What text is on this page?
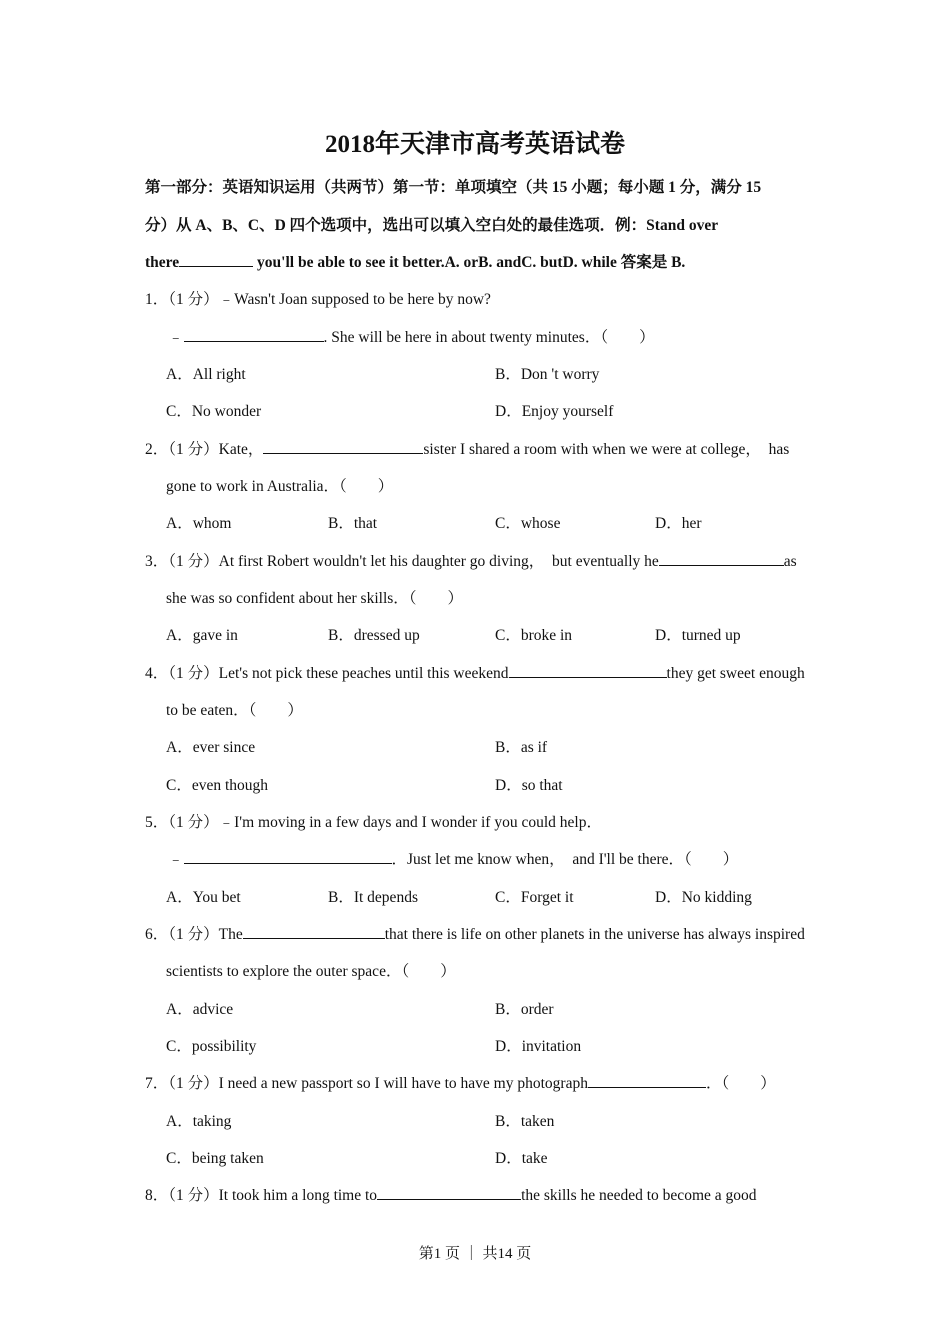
2018年天津市高考英语试卷
第一部分：英语知识运用（共两节）第一节：单项填空（共 15 小题；每小题 1 分，满分 15
分）从 A、B、C、D 四个选项中，选出可以填入空白处的最佳选项．例：Stand over
there	you'll be able to see it better.A. orB. andC. butD. while 答案是 B.
1．（1 分）﹣Wasn't Joan supposed to be here by now?
﹣	. She will be here in about twenty minutes．（　　）
A．All right	B．Don 't worry
C．No wonder	D．Enjoy yourself
2．（1 分）Kate，	sister I shared a room with when we were at college，　has
gone to work in Australia．（　　）
A．whom	B．that	C．whose	D．her
3．（1 分）At first Robert wouldn't let his daughter go diving，　but eventually he	as
she was so confident about her skills．（　　）
A．gave in	B．dressed up	C．broke in	D．turned up
4．（1 分）Let's not pick these peaches until this weekend	they get sweet enough
to be eaten．（　　）
A．ever since	B．as if
C．even though	D．so that
5．（1 分）﹣I'm moving in a few days and I wonder if you could help．
﹣	．Just let me know when，　and I'll be there．（　　）
A．You bet	B．It depends	C．Forget it	D．No kidding
6．（1 分）The	that there is life on other planets in the universe has always inspired
scientists to explore the outer space．（　　）
A．advice	B．order
C．possibility	D．invitation
7．（1 分）I need a new passport so I will have to have my photograph	．（　　）
A．taking	B．taken
C．being taken	D．take
8．（1 分）It took him a long time to	the skills he needed to become a good
第1 页 ｜ 共14 页
